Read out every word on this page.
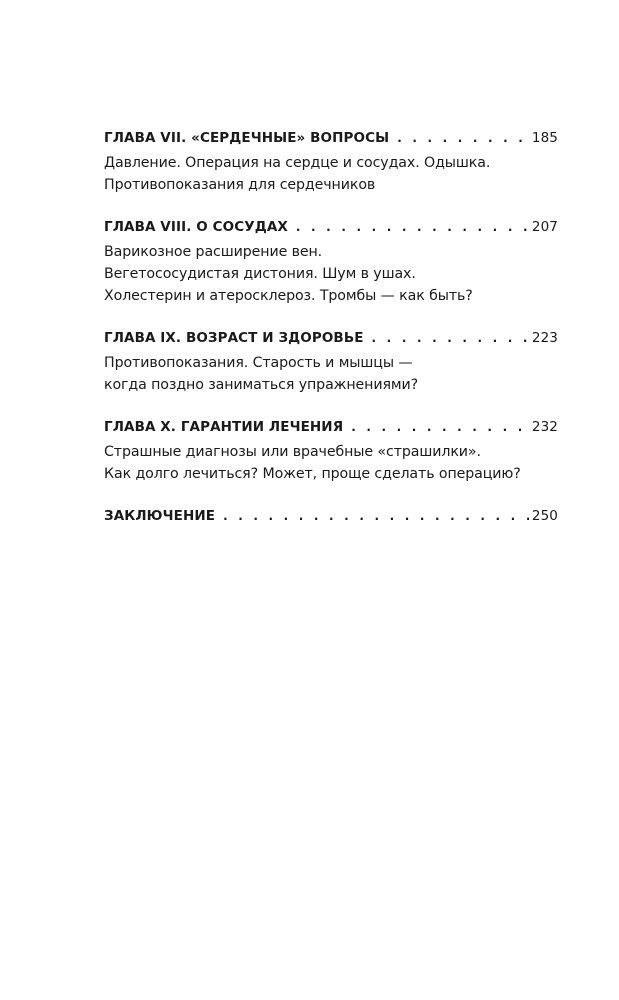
ГЛАВА VII. «СЕРДЕЧНЫЕ» ВОПРОСЫ . . .	185
Давление. Операция на сердце и сосудах. Одышка.
Противопоказания для сердечников
ГЛАВА VIII. О СОСУДАХ . . .	207
Варикозное расширение вен.
Вегетососудистая дистония. Шум в ушах.
Холестерин и атеросклероз. Тромбы — как быть?
ГЛАВА IX. ВОЗРАСТ И ЗДОРОВЬЕ . . .	223
Противопоказания. Старость и мышцы —
когда поздно заниматься упражнениями?
ГЛАВА X. ГАРАНТИИ ЛЕЧЕНИЯ . . .	232
Страшные диагнозы или врачебные «страшилки».
Как долго лечиться? Может, проще сделать операцию?
ЗАКЛЮЧЕНИЕ . . .	250
